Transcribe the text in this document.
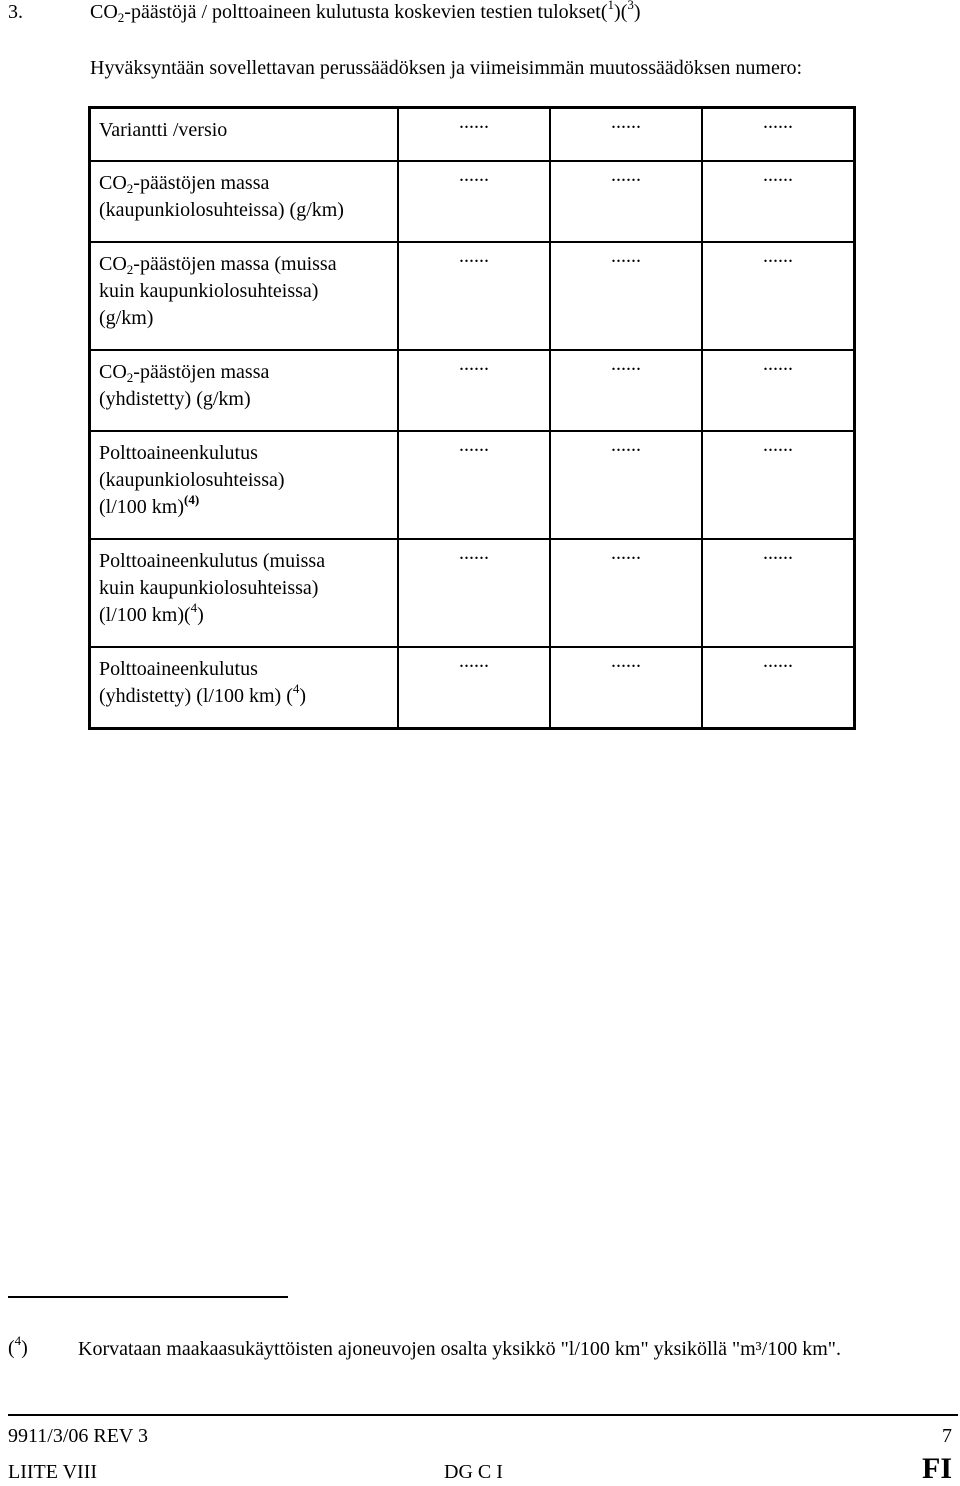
3.	$CO_2$-päästöjä / polttoaineen kulutusta koskevien testien tulokset($^1$)($^3$)
Hyväksyntään sovellettavan perussäädöksen ja viimeisimmän muutossäädöksen numero:
Variantti /versio	......	......	......
$CO_2$-päästöjen massa (kaupunkiolosuhteissa) (g/km)	......	......	......
$CO_2$-päästöjen massa (muissa
kuin kaupunkiolosuhteissa)
(g/km)	......	......	......
$CO_2$-päästöjen massa
(yhdistetty) (g/km)	......	......	......
Polttoaineenkulutus
(kaupunkiolosuhteissa)
(l/100 km)$^{(4)}$	......	......	......
Polttoaineenkulutus (muissa
kuin kaupunkiolosuhteissa)
(l/100 km)($^4$)	......	......	......
Polttoaineenkulutus
(yhdistetty) (l/100 km) ($^4$)	......	......	......
($^4$)	Korvataan maakaasukäyttöisten ajoneuvojen osalta yksikkö "l/100 km" yksiköllä "m³/100 km".
9911/3/06 REV 3	7
LIITE VIII	DG C I	FI
